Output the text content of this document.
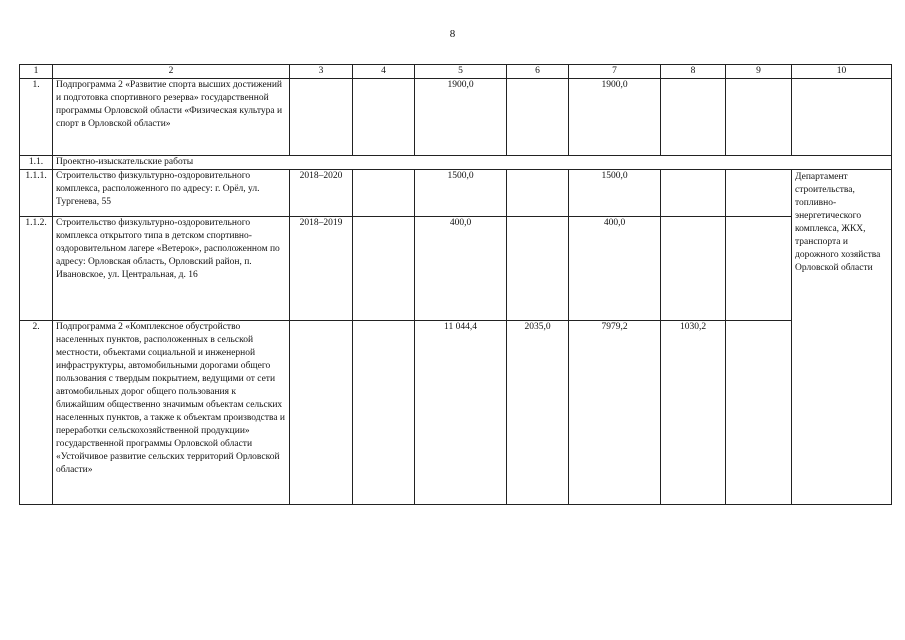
8
1	2	3	4	5	6	7	8	9	10	
1.	Подпрограмма 2 «Развитие спорта высших достижений и подготовка спортивного резерва» государственной программы Орловской области «Физическая культура и спорт в Орловской области»			1900,0		1900,0				
1.1.	Проектно-изыскательские работы									
1.1.1.	Строительство физкультурно-оздоровительного комплекса, расположенного по адресу: г. Орёл, ул. Тургенева, 55	2018–2020		1500,0		1500,0			Департамент строительства, топливно-энергетического комплекса, ЖКХ, транспорта и дорожного хозяйства Орловской области	
1.1.2.	Строительство физкультурно-оздоровительного комплекса открытого типа в детском спортивно-оздоровительном лагере «Ветерок», расположенном по адресу: Орловская область, Орловский район, п. Ивановское, ул. Центральная, д. 16	2018–2019		400,0		400,0				
2.	Подпрограмма 2 «Комплексное обустройство населенных пунктов, расположенных в сельской местности, объектами социальной и инженерной инфраструктуры, автомобильными дорогами общего пользования с твердым покрытием, ведущими от сети автомобильных дорог общего пользования к ближайшим общественно значимым объектам сельских населенных пунктов, а также к объектам производства и переработки сельскохозяйственной продукции» государственной программы Орловской области «Устойчивое развитие сельских территорий Орловской области»			11 044,4	2035,0	7979,2	1030,2			
